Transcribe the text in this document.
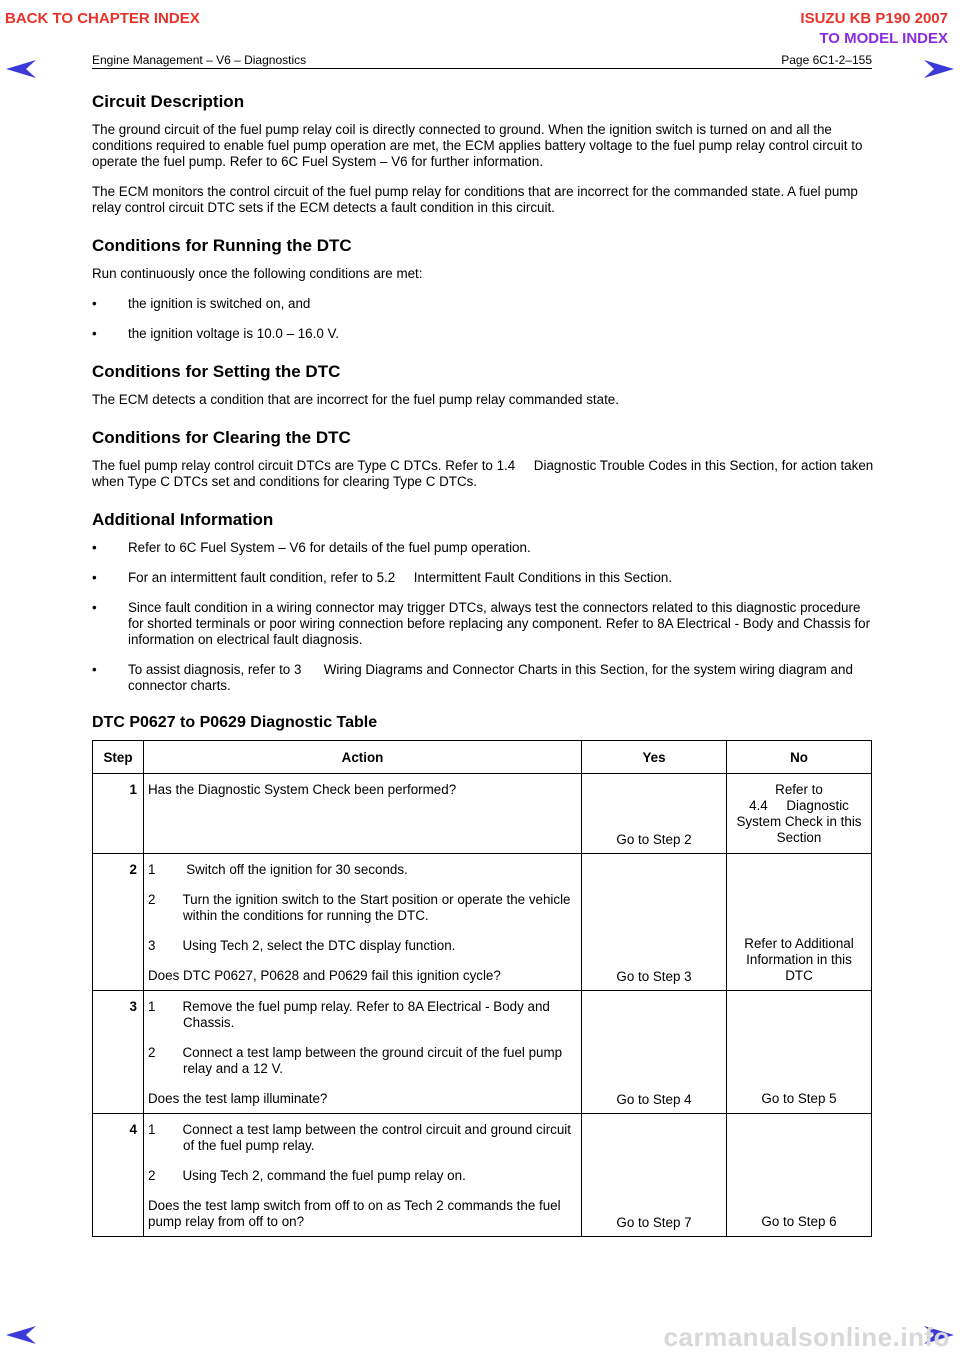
BACK TO CHAPTER INDEX	ISUZU KB P190 2007
TO MODEL INDEX
Engine Management – V6 – Diagnostics	Page 6C1-2–155
Circuit Description

The ground circuit of the fuel pump relay coil is directly connected to ground. When the ignition switch is turned on and all the conditions required to enable fuel pump operation are met, the ECM applies battery voltage to the fuel pump relay control circuit to operate the fuel pump. Refer to 6C Fuel System – V6 for further information.

The ECM monitors the control circuit of the fuel pump relay for conditions that are incorrect for the commanded state. A fuel pump relay control circuit DTC sets if the ECM detects a fault condition in this circuit.

Conditions for Running the DTC

Run continuously once the following conditions are met:

• the ignition is switched on, and
• the ignition voltage is 10.0 – 16.0 V.
Conditions for Setting the DTC

The ECM detects a condition that are incorrect for the fuel pump relay commanded state.

Conditions for Clearing the DTC

The fuel pump relay control circuit DTCs are Type C DTCs. Refer to 1.4     Diagnostic Trouble Codes in this Section, for action taken when Type C DTCs set and conditions for clearing Type C DTCs.

Additional Information
• Refer to 6C Fuel System – V6 for details of the fuel pump operation.
• For an intermittent fault condition, refer to 5.2     Intermittent Fault Conditions in this Section.
• Since fault condition in a wiring connector may trigger DTCs, always test the connectors related to this diagnostic procedure for shorted terminals or poor wiring connection before replacing any component. Refer to 8A Electrical - Body and Chassis for information on electrical fault diagnosis.
• To assist diagnosis, refer to 3      Wiring Diagrams and Connector Charts in this Section, for the system wiring diagram and connector charts.
DTC P0627 to P0629 Diagnostic Table
Step	Action	Yes	No
1	Has the Diagnostic System Check been performed?	Go to Step 2	Refer to
4.4     Diagnostic System Check in this Section
2	1 Switch off the ignition for 30 seconds.
2 Turn the ignition switch to the Start position or operate the vehicle within the conditions for running the DTC.
3 Using Tech 2, select the DTC display function.
Does DTC P0627, P0628 and P0629 fail this ignition cycle?	Go to Step 3	Refer to Additional Information in this DTC
3	1 Remove the fuel pump relay. Refer to 8A Electrical - Body and Chassis.
2 Connect a test lamp between the ground circuit of the fuel pump relay and a 12 V.
Does the test lamp illuminate?	Go to Step 4	Go to Step 5
4	1 Connect a test lamp between the control circuit and ground circuit of the fuel pump relay.
2 Using Tech 2, command the fuel pump relay on.
Does the test lamp switch from off to on as Tech 2 commands the fuel pump relay from off to on?	Go to Step 7	Go to Step 6
carmanualsonline.info
